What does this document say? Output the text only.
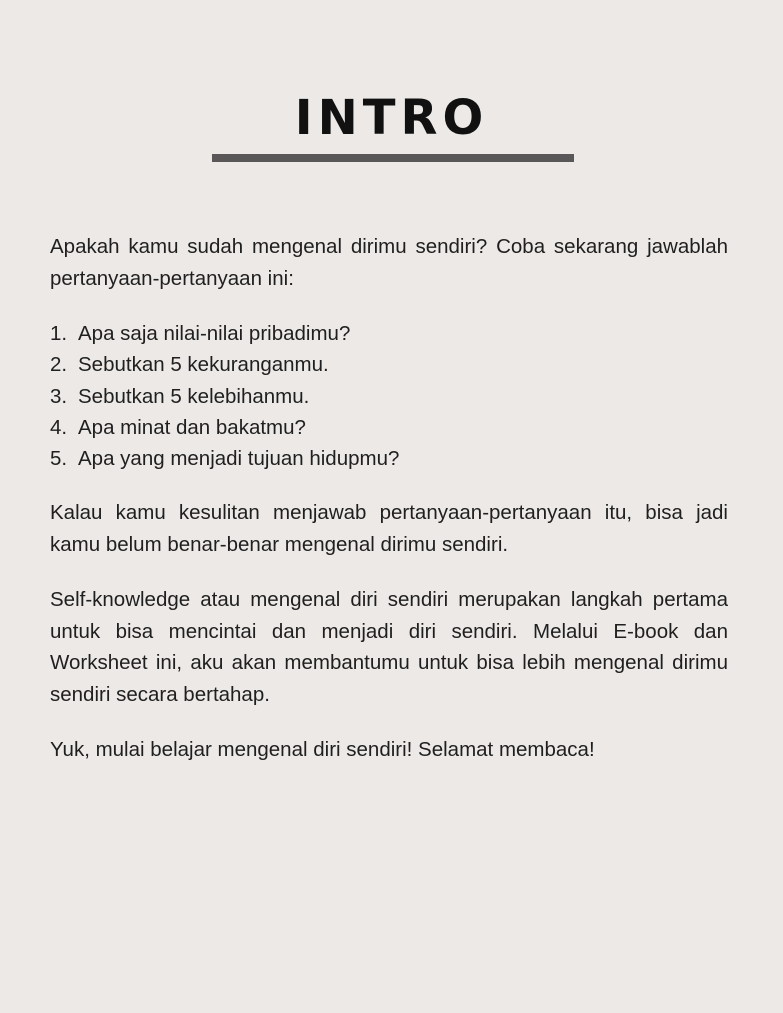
INTRO

Apakah kamu sudah mengenal dirimu sendiri? Coba sekarang jawablah pertanyaan-pertanyaan ini:

1. Apa saja nilai-nilai pribadimu?
2. Sebutkan 5 kekuranganmu.
3. Sebutkan 5 kelebihanmu.
4. Apa minat dan bakatmu?
5. Apa yang menjadi tujuan hidupmu?

Kalau kamu kesulitan menjawab pertanyaan-pertanyaan itu, bisa jadi kamu belum benar-benar mengenal dirimu sendiri.

Self-knowledge atau mengenal diri sendiri merupakan langkah pertama untuk bisa mencintai dan menjadi diri sendiri. Melalui E-book dan Worksheet ini, aku akan membantumu untuk bisa lebih mengenal dirimu sendiri secara bertahap.

Yuk, mulai belajar mengenal diri sendiri! Selamat membaca!
